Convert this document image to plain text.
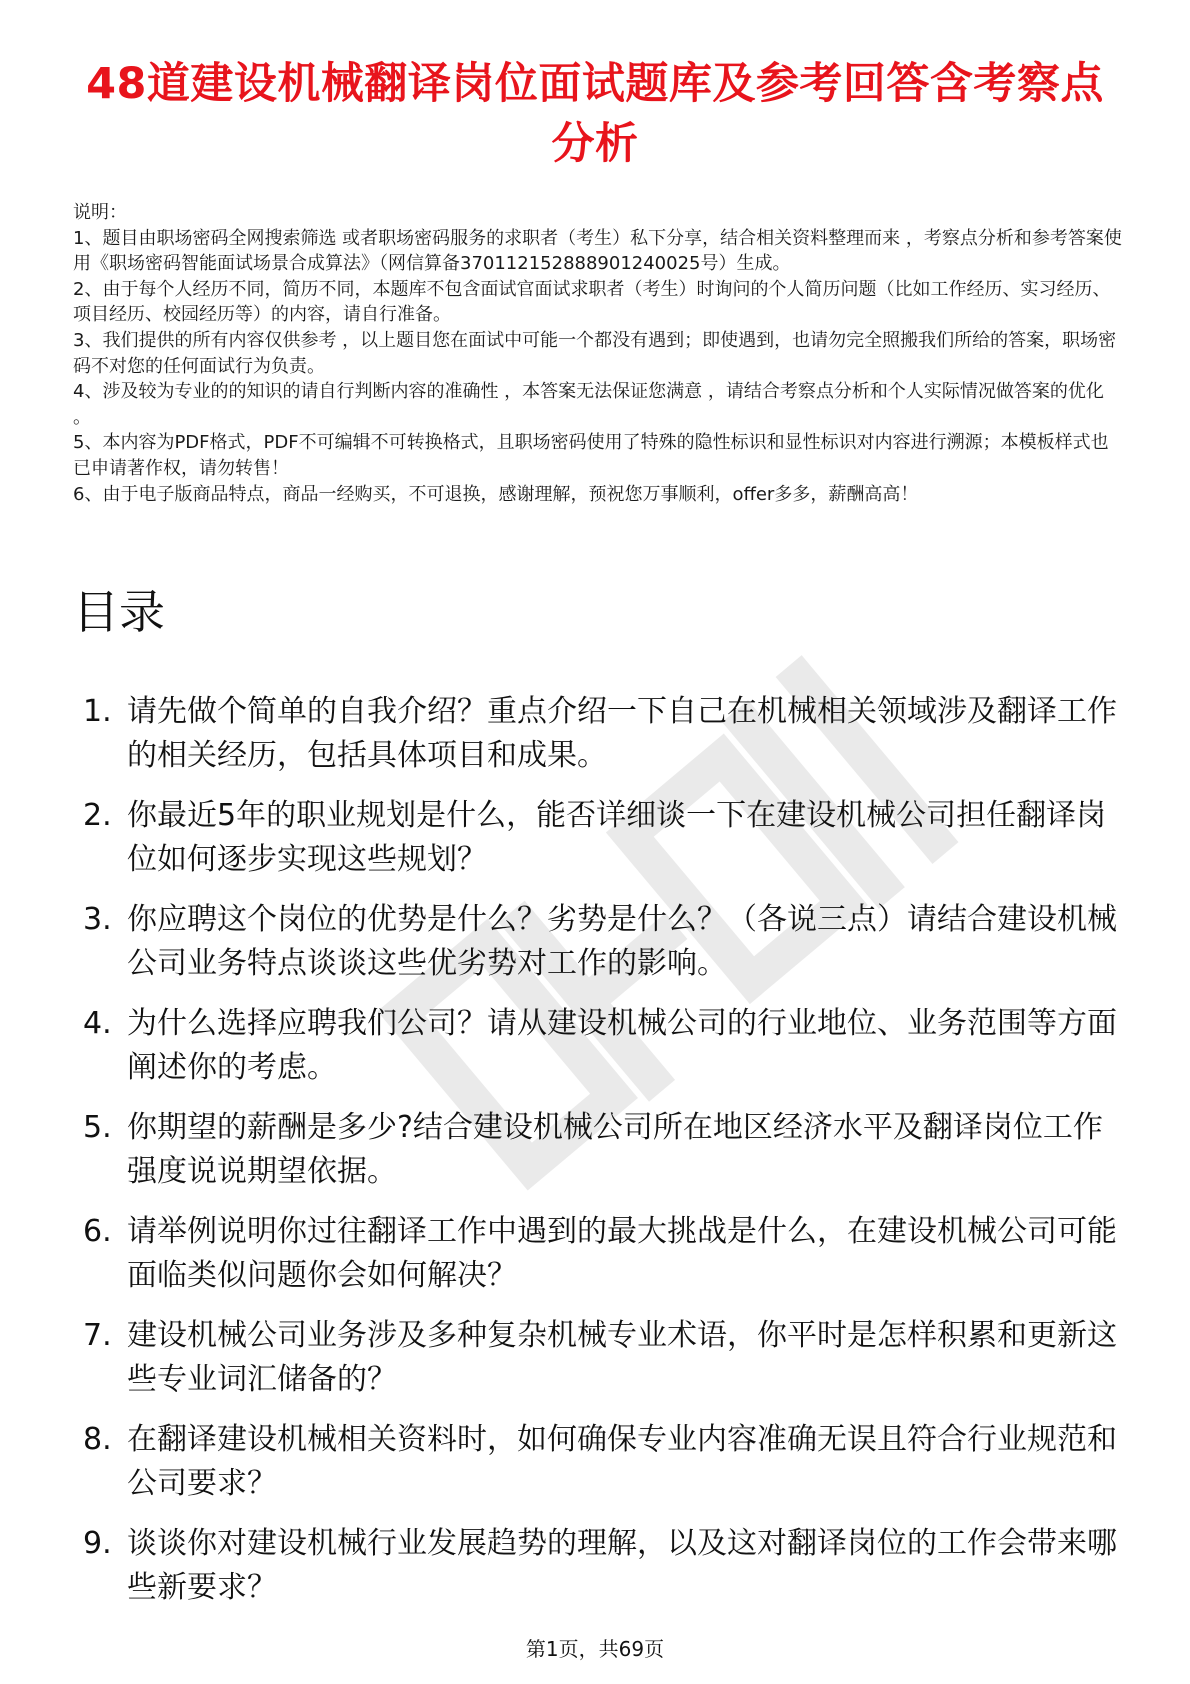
48道建设机械翻译岗位面试题库及参考回答含考察点分析

说明：

1、题目由职场密码全网搜索筛选 或者职场密码服务的求职者（考生）私下分享，结合相关资料整理而来 ，考察点分析和参考答案使用《职场密码智能面试场景合成算法》（网信算备370112152888901240025号）生成。

2、由于每个人经历不同，简历不同，本题库不包含面试官面试求职者（考生）时询问的个人简历问题（比如工作经历、实习经历、项目经历、校园经历等）的内容，请自行准备。

3、我们提供的所有内容仅供参考 ，以上题目您在面试中可能一个都没有遇到；即使遇到，也请勿完全照搬我们所给的答案，职场密码不对您的任何面试行为负责。

4、涉及较为专业的的知识的请自行判断内容的准确性 ，本答案无法保证您满意 ，请结合考察点分析和个人实际情况做答案的优化 。

5、本内容为PDF格式，PDF不可编辑不可转换格式，且职场密码使用了特殊的隐性标识和显性标识对内容进行溯源；本模板样式也已申请著作权，请勿转售！

6、由于电子版商品特点，商品一经购买，不可退换，感谢理解，预祝您万事顺利，offer多多，薪酬高高！

目录
1. 请先做个简单的自我介绍？重点介绍一下自己在机械相关领域涉及翻译工作的相关经历，包括具体项目和成果。
2. 你最近5年的职业规划是什么，能否详细谈一下在建设机械公司担任翻译岗位如何逐步实现这些规划？
3. 你应聘这个岗位的优势是什么？劣势是什么？（各说三点）请结合建设机械公司业务特点谈谈这些优劣势对工作的影响。
4. 为什么选择应聘我们公司？请从建设机械公司的行业地位、业务范围等方面阐述你的考虑。
5. 你期望的薪酬是多少?结合建设机械公司所在地区经济水平及翻译岗位工作强度说说期望依据。
6. 请举例说明你过往翻译工作中遇到的最大挑战是什么，在建设机械公司可能面临类似问题你会如何解决？
7. 建设机械公司业务涉及多种复杂机械专业术语，你平时是怎样积累和更新这些专业词汇储备的？
8. 在翻译建设机械相关资料时，如何确保专业内容准确无误且符合行业规范和公司要求？
9. 谈谈你对建设机械行业发展趋势的理解，以及这对翻译岗位的工作会带来哪些新要求？
第1页，共69页
